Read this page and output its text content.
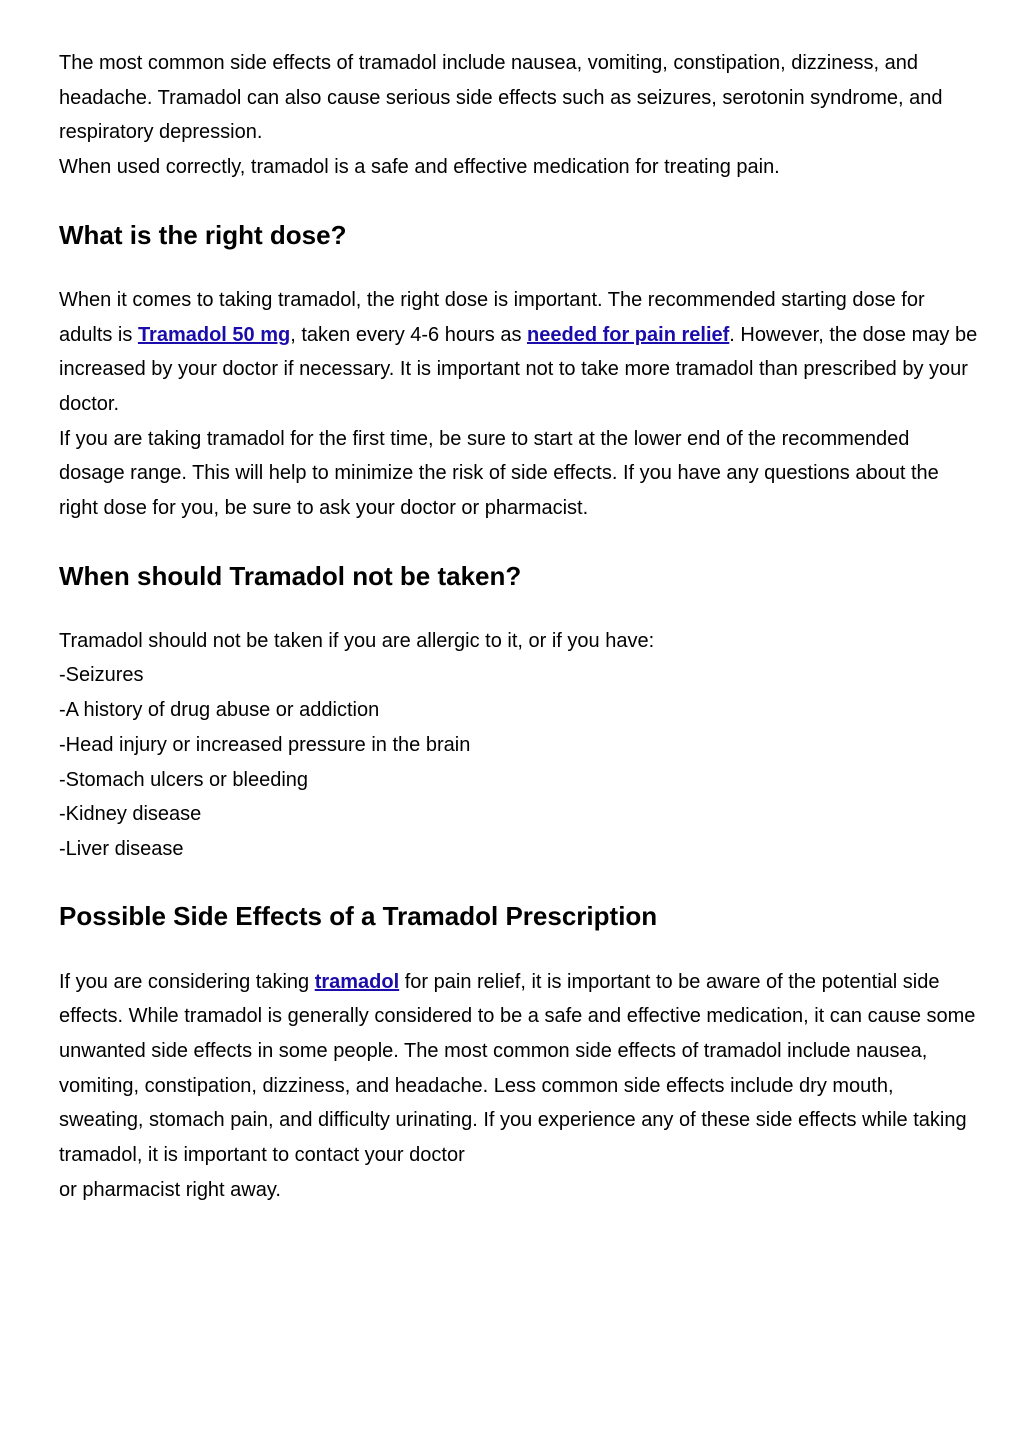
The most common side effects of tramadol include nausea, vomiting, constipation, dizziness, and headache. Tramadol can also cause serious side effects such as seizures, serotonin syndrome, and respiratory depression.
When used correctly, tramadol is a safe and effective medication for treating pain.

What is the right dose?

When it comes to taking tramadol, the right dose is important. The recommended starting dose for adults is Tramadol 50 mg, taken every 4-6 hours as needed for pain relief. However, the dose may be increased by your doctor if necessary. It is important not to take more tramadol than prescribed by your doctor.
If you are taking tramadol for the first time, be sure to start at the lower end of the recommended dosage range. This will help to minimize the risk of side effects. If you have any questions about the right dose for you, be sure to ask your doctor or pharmacist.

When should Tramadol not be taken?

Tramadol should not be taken if you are allergic to it, or if you have:
-Seizures
-A history of drug abuse or addiction
-Head injury or increased pressure in the brain
-Stomach ulcers or bleeding
-Kidney disease
-Liver disease

Possible Side Effects of a Tramadol Prescription

If you are considering taking tramadol for pain relief, it is important to be aware of the potential side effects. While tramadol is generally considered to be a safe and effective medication, it can cause some unwanted side effects in some people. The most common side effects of tramadol include nausea, vomiting, constipation, dizziness, and headache. Less common side effects include dry mouth, sweating, stomach pain, and difficulty urinating. If you experience any of these side effects while taking tramadol, it is important to contact your doctor
or pharmacist right away.
